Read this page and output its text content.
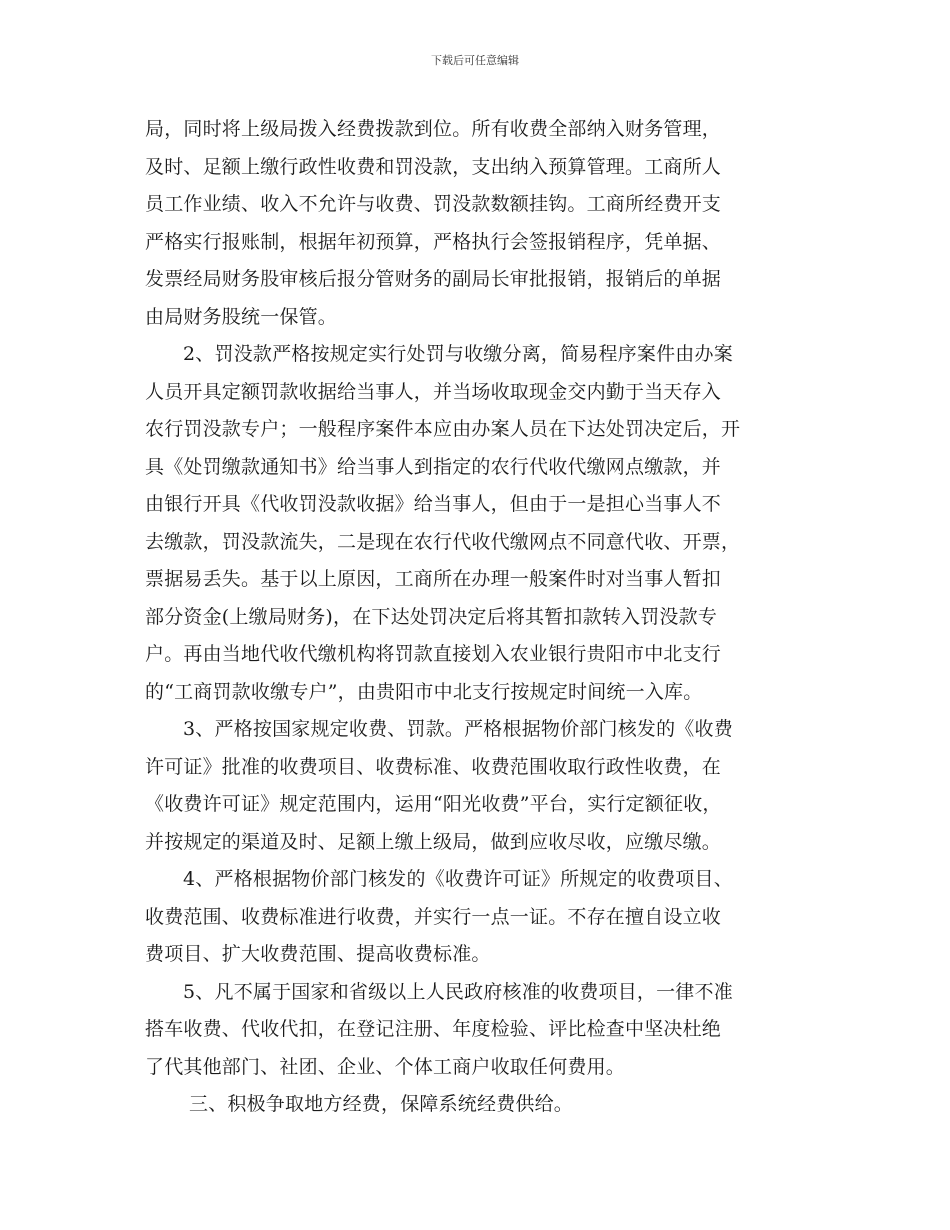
下载后可任意编辑
局，同时将上级局拨入经费拨款到位。所有收费全部纳入财务管理，
及时、足额上缴行政性收费和罚没款，支出纳入预算管理。工商所人
员工作业绩、收入不允许与收费、罚没款数额挂钩。工商所经费开支
严格实行报账制，根据年初预算，严格执行会签报销程序，凭单据、
发票经局财务股审核后报分管财务的副局长审批报销，报销后的单据
由局财务股统一保管。
2、罚没款严格按规定实行处罚与收缴分离，简易程序案件由办案
人员开具定额罚款收据给当事人，并当场收取现金交内勤于当天存入
农行罚没款专户；一般程序案件本应由办案人员在下达处罚决定后，开
具《处罚缴款通知书》给当事人到指定的农行代收代缴网点缴款，并
由银行开具《代收罚没款收据》给当事人，但由于一是担心当事人不
去缴款，罚没款流失，二是现在农行代收代缴网点不同意代收、开票，
票据易丢失。基于以上原因，工商所在办理一般案件时对当事人暂扣
部分资金(上缴局财务)，在下达处罚决定后将其暂扣款转入罚没款专
户。再由当地代收代缴机构将罚款直接划入农业银行贵阳市中北支行
的“工商罚款收缴专户”，由贵阳市中北支行按规定时间统一入库。
3、严格按国家规定收费、罚款。严格根据物价部门核发的《收费
许可证》批准的收费项目、收费标准、收费范围收取行政性收费，在
《收费许可证》规定范围内，运用“阳光收费”平台，实行定额征收，
并按规定的渠道及时、足额上缴上级局，做到应收尽收，应缴尽缴。
4、严格根据物价部门核发的《收费许可证》所规定的收费项目、
收费范围、收费标准进行收费，并实行一点一证。不存在擅自设立收
费项目、扩大收费范围、提高收费标准。
5、凡不属于国家和省级以上人民政府核准的收费项目，一律不准
搭车收费、代收代扣，在登记注册、年度检验、评比检查中坚决杜绝
了代其他部门、社团、企业、个体工商户收取任何费用。
三、积极争取地方经费，保障系统经费供给。
